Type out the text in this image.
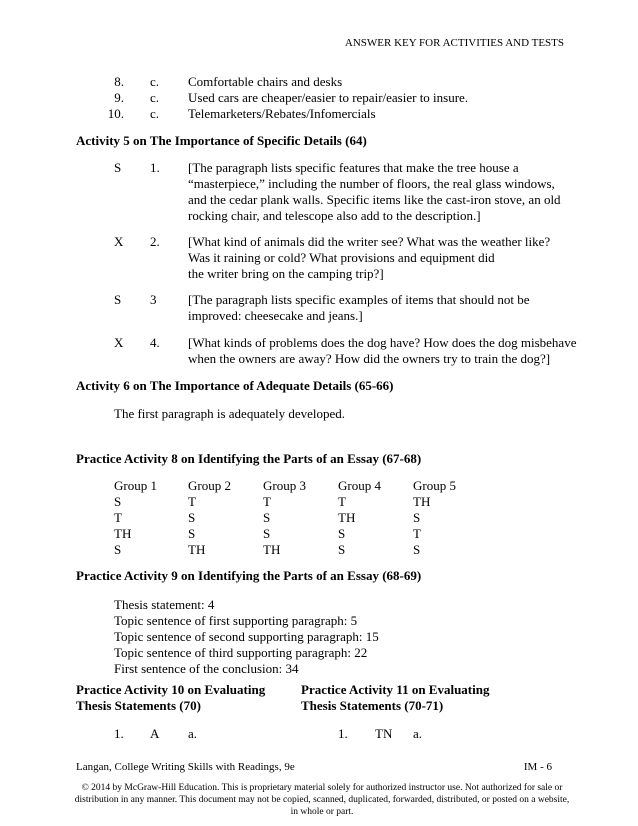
ANSWER KEY FOR ACTIVITIES AND TESTS
8. c. Comfortable chairs and desks
9. c. Used cars are cheaper/easier to repair/easier to insure.
10. c. Telemarketers/Rebates/Infomercials
Activity 5 on The Importance of Specific Details (64)
S 1. [The paragraph lists specific features that make the tree house a
“masterpiece,” including the number of floors, the real glass windows,
and the cedar plank walls. Specific items like the cast-iron stove, an old
rocking chair, and telescope also add to the description.]
X 2. [What kind of animals did the writer see? What was the weather like?
Was it raining or cold? What provisions and equipment did
the writer bring on the camping trip?]
S 3 [The paragraph lists specific examples of items that should not be
improved: cheesecake and jeans.]
X 4. [What kinds of problems does the dog have? How does the dog misbehave
when the owners are away? How did the owners try to train the dog?]
Activity 6 on The Importance of Adequate Details (65-66)
The first paragraph is adequately developed.
Practice Activity 8 on Identifying the Parts of an Essay (67-68)
Group 1 Group 2 Group 3 Group 4 Group 5
S	T	T	T	TH
T	S	S	TH	S
TH	S	S	S	T
S	TH	TH	S	S
Practice Activity 9 on Identifying the Parts of an Essay (68-69)
Thesis statement: 4
Topic sentence of first supporting paragraph: 5
Topic sentence of second supporting paragraph: 15
Topic sentence of third supporting paragraph: 22
First sentence of the conclusion: 34
Practice Activity 10 on Evaluating
Thesis Statements (70)
1. A a.
Practice Activity 11 on Evaluating
Thesis Statements (70-71)
1. TN a.
Langan, College Writing Skills with Readings, 9e	IM - 6
© 2014 by McGraw-Hill Education. This is proprietary material solely for authorized instructor use. Not authorized for sale or distribution in any manner. This document may not be copied, scanned, duplicated, forwarded, distributed, or posted on a website, in whole or part.
